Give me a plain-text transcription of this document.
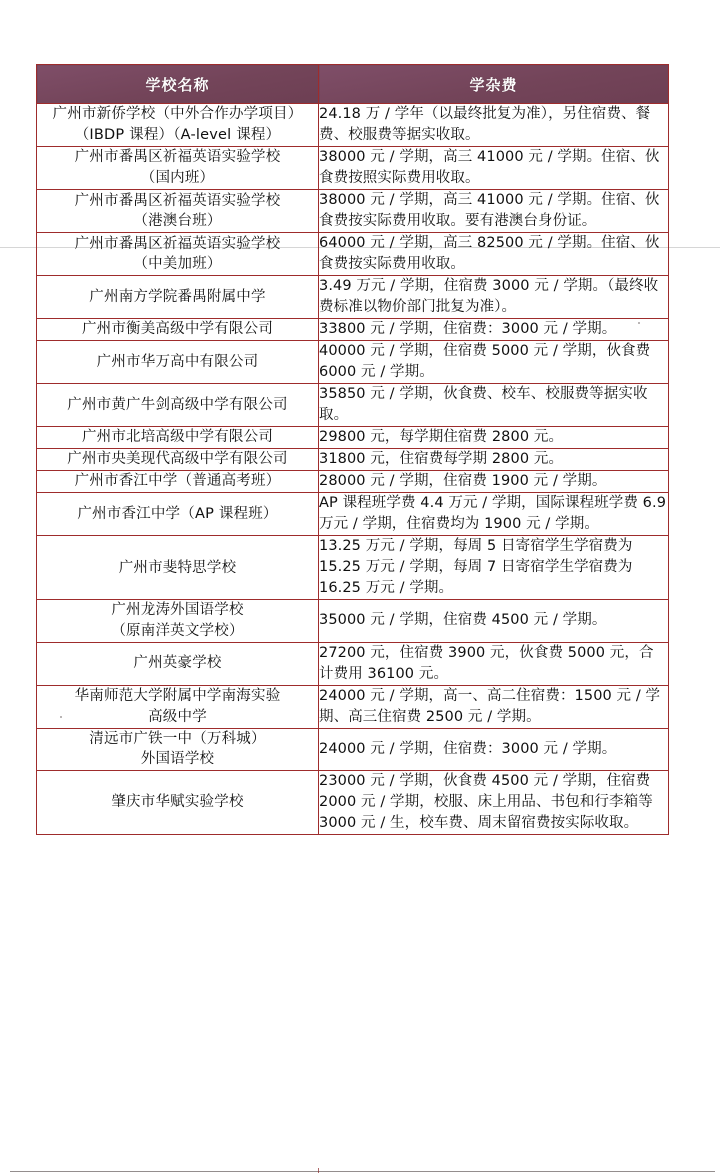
学校名称	学杂费

广州市新侨学校（中外合作办学项目）
（IBDP 课程）（A-level 课程）	24.18 万 / 学年（以最终批复为准），另住宿费、餐费、校服费等据实收取。

广州市番禺区祈福英语实验学校
（国内班）	38000 元 / 学期，高三 41000 元 / 学期。住宿、伙食费按照实际费用收取。

广州市番禺区祈福英语实验学校
（港澳台班）	38000 元 / 学期，高三 41000 元 / 学期。住宿、伙食费按实际费用收取。要有港澳台身份证。

广州市番禺区祈福英语实验学校
（中美加班）	64000 元 / 学期，高三 82500 元 / 学期。住宿、伙食费按实际费用收取。

广州南方学院番禺附属中学	3.49 万元 / 学期，住宿费 3000 元 / 学期。（最终收费标准以物价部门批复为准）。

广州市衡美高级中学有限公司	33800 元 / 学期，住宿费：3000 元 / 学期。

广州市华万高中有限公司	40000 元 / 学期，住宿费 5000 元 / 学期，伙食费 6000 元 / 学期。

广州市黄广牛剑高级中学有限公司	35850 元 / 学期，伙食费、校车、校服费等据实收取。

广州市北培高级中学有限公司	29800 元，每学期住宿费 2800 元。

广州市央美现代高级中学有限公司	31800 元，住宿费每学期 2800 元。

广州市香江中学（普通高考班）	28000 元 / 学期，住宿费 1900 元 / 学期。

广州市香江中学（AP 课程班）	AP 课程班学费 4.4 万元 / 学期，国际课程班学费 6.9 万元 / 学期，住宿费均为 1900 元 / 学期。

广州市斐特思学校	13.25 万元 / 学期，每周 5 日寄宿学生学宿费为 15.25 万元 / 学期，每周 7 日寄宿学生学宿费为 16.25 万元 / 学期。

广州龙涛外国语学校
（原南洋英文学校）	35000 元 / 学期，住宿费 4500 元 / 学期。

广州英豪学校	27200 元，住宿费 3900 元，伙食费 5000 元，合计费用 36100 元。

华南师范大学附属中学南海实验
高级中学	24000 元 / 学期，高一、高二住宿费：1500 元 / 学期、高三住宿费 2500 元 / 学期。

清远市广铁一中（万科城）
外国语学校	24000 元 / 学期，住宿费：3000 元 / 学期。

肇庆市华赋实验学校	23000 元 / 学期，伙食费 4500 元 / 学期，住宿费 2000 元 / 学期，校服、床上用品、书包和行李箱等 3000 元 / 生，校车费、周末留宿费按实际收取。
